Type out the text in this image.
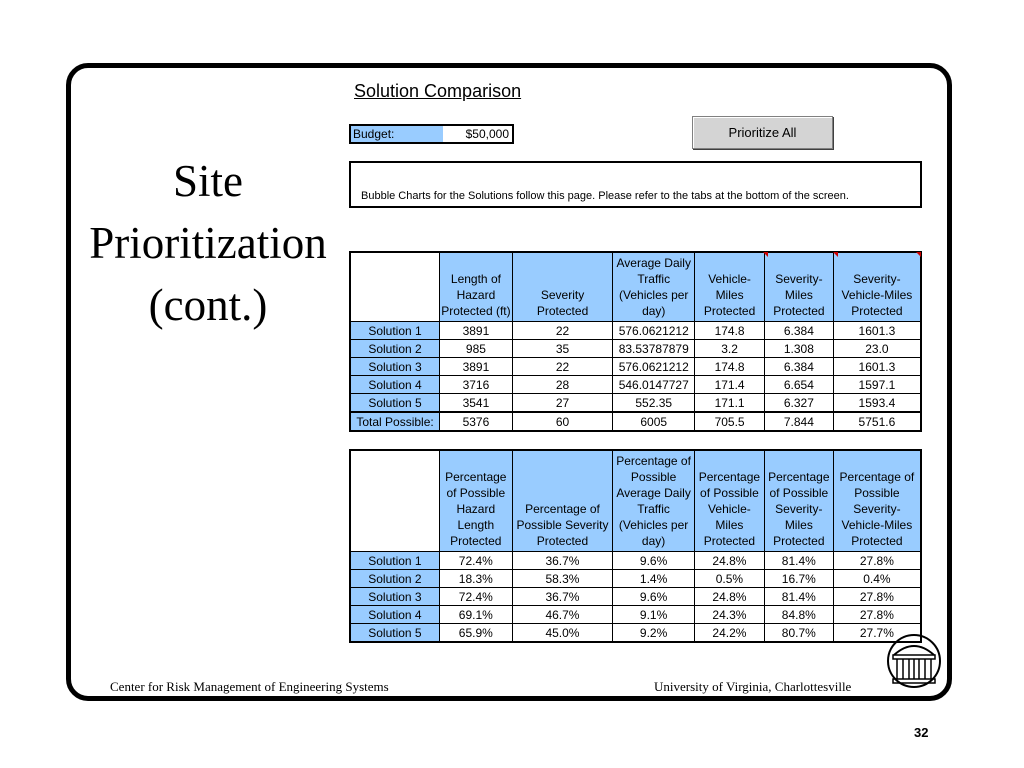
Site
Prioritization
(cont.)
Solution Comparison
Budget:	$50,000	Prioritize All
Bubble Charts for the Solutions follow this page. Please refer to the tabs at the bottom of the screen.
	Length of Hazard Protected (ft)	Severity Protected	Average Daily Traffic (Vehicles per day)	Vehicle-Miles Protected	Severity-Miles Protected	Severity-Vehicle-Miles Protected
Solution 1	3891	22	576.0621212	174.8	6.384	1601.3
Solution 2	985	35	83.53787879	3.2	1.308	23.0
Solution 3	3891	22	576.0621212	174.8	6.384	1601.3
Solution 4	3716	28	546.0147727	171.4	6.654	1597.1
Solution 5	3541	27	552.35	171.1	6.327	1593.4
Total Possible:	5376	60	6005	705.5	7.844	5751.6
	Percentage of Possible Hazard Length Protected	Percentage of Possible Severity Protected	Percentage of Possible Average Daily Traffic (Vehicles per day)	Percentage of Possible Vehicle-Miles Protected	Percentage of Possible Severity-Miles Protected	Percentage of Possible Severity-Vehicle-Miles Protected
Solution 1	72.4%	36.7%	9.6%	24.8%	81.4%	27.8%
Solution 2	18.3%	58.3%	1.4%	0.5%	16.7%	0.4%
Solution 3	72.4%	36.7%	9.6%	24.8%	81.4%	27.8%
Solution 4	69.1%	46.7%	9.1%	24.3%	84.8%	27.8%
Solution 5	65.9%	45.0%	9.2%	24.2%	80.7%	27.7%
Center for Risk Management of Engineering Systems	University of Virginia, Charlottesville
32
